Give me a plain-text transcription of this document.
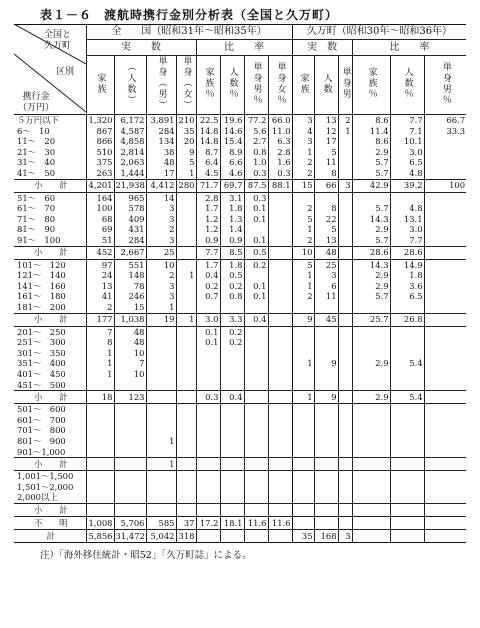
表１－６ 渡航時携行金別分析表（全国と久万町）
全国と
久万町
区別
携行金
（万円）	全　　国（昭和31年～昭和35年）								久万町（昭和30年～昭和36年）					
	実　　数				比　　率				実　数			比　　率		
	家族	（人数）	単身（男）	単身（女）	家族％	人数％	単身男％	単身女％	家族	人数	単身男	家族％	人数％	単身男％
５万円以下	1,320	6,172	3,891	210	22.5	19.6	77.2	66.0	3	13	2	8.6	7.7	66.7
6～　10	867	4,587	284	35	14.8	14.6	5.6	11.0	4	12	1	11.4	7.1	33.3
11～　20	866	4,858	134	20	14.8	15.4	2.7	6.3	3	17		8.6	10.1	
21～　30	510	2,814	38	9	8.7	8.9	0.8	2.8	1	5		2.9	3.0	
31～　40	375	2,063	48	5	6.4	6.6	1.0	1.6	2	11		5.7	6.5	
41～　50	263	1,444	17	1	4.5	4.6	0.3	0.3	2	8		5.7	4.8	
小　　計	4,201	21,938	4,412	280	71.7	69.7	87.5	88.1	15	66	3	42.9	39.2	100
51～　60	164	965	14		2.8	3.1	0.3							
61～　70	100	578	3		1.7	1.8	0.1		2	8		5.7	4.8	
71～　80	68	409	3		1.2	1.3	0.1		5	22		14.3	13.1	
81～　90	69	431	2		1.2	1.4			1	5		2.9	3.0	
91～　100	51	284	3		0.9	0.9	0.1		2	13		5.7	7.7	
小　　計	452	2,667	25		7.7	8.5	0.5		10	48		28.6	28.6	
101～　120	97	551	10		1.7	1.8	0.2		5	25		14.3	14.9	
121～　140	24	148	2	1	0.4	0.5			1	3		2.9	1.8	
141～　160	13	78	3		0.2	0.2	0.1		1	6		2.9	3.6	
161～　180	41	246	3		0.7	0.8	0.1		2	11		5.7	6.5	
181～　200	2	15	1											
小　　計	177	1,038	19	1	3.0	3.3	0.4		9	45		25.7	26.8	
201～　250	7	48			0.1	0.2								
251～　300	8	48			0.1	0.2								
301～　350	1	10												
351～　400	1	7							1	9		2.9	5.4	
401～　450	1	10												
451～　500														
小　　計	18	123			0.3	0.4			1	9		2.9	5.4	
501～　600														
601～　700														
701～　800														
801～　900			1											
901～1,000														
小　　計			1											
1,001～1,500														
1,501～2,000														
2,000以上														
小　　計														
不　　明	1,008	5,706	585	37	17.2	18.1	11.6	11.6						
計	5,856	31,472	5,042	318					35	168	3			
注）「海外移住統計・昭52」「久万町誌」による。
